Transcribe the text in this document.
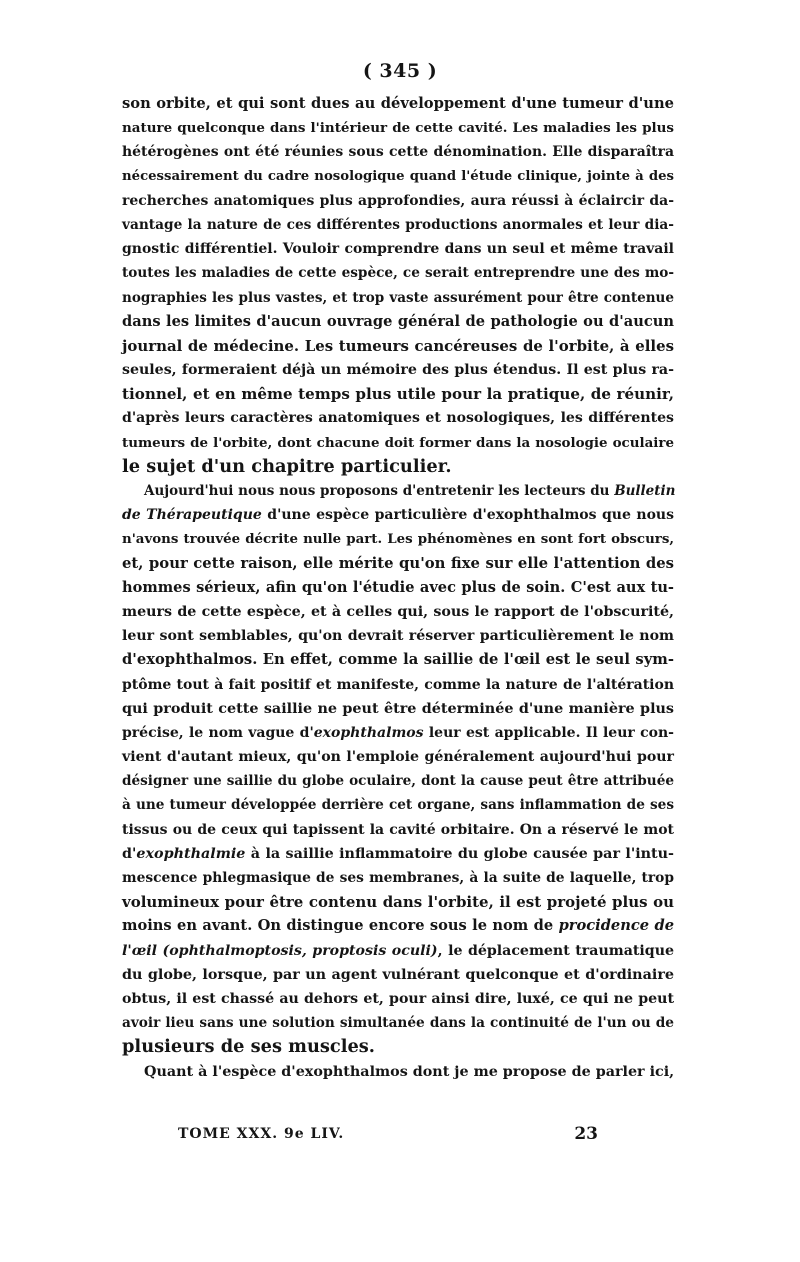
( 345 )
son orbite, et qui sont dues au développement d'une tumeur d'une
nature quelconque dans l'intérieur de cette cavité. Les maladies les plus
hétérogènes ont été réunies sous cette dénomination. Elle disparaîtra
nécessairement du cadre nosologique quand l'étude clinique, jointe à des
recherches anatomiques plus approfondies, aura réussi à éclaircir da-
vantage la nature de ces différentes productions anormales et leur dia-
gnostic différentiel. Vouloir comprendre dans un seul et même travail
toutes les maladies de cette espèce, ce serait entreprendre une des mo-
nographies les plus vastes, et trop vaste assurément pour être contenue
dans les limites d'aucun ouvrage général de pathologie ou d'aucun
journal de médecine. Les tumeurs cancéreuses de l'orbite, à elles
seules, formeraient déjà un mémoire des plus étendus. Il est plus ra-
tionnel, et en même temps plus utile pour la pratique, de réunir,
d'après leurs caractères anatomiques et nosologiques, les différentes
tumeurs de l'orbite, dont chacune doit former dans la nosologie oculaire
le sujet d'un chapitre particulier.
Aujourd'hui nous nous proposons d'entretenir les lecteurs du Bulletin
de Thérapeutique d'une espèce particulière d'exophthalmos que nous
n'avons trouvée décrite nulle part. Les phénomènes en sont fort obscurs,
et, pour cette raison, elle mérite qu'on fixe sur elle l'attention des
hommes sérieux, afin qu'on l'étudie avec plus de soin. C'est aux tu-
meurs de cette espèce, et à celles qui, sous le rapport de l'obscurité,
leur sont semblables, qu'on devrait réserver particulièrement le nom
d'exophthalmos. En effet, comme la saillie de l'œil est le seul sym-
ptôme tout à fait positif et manifeste, comme la nature de l'altération
qui produit cette saillie ne peut être déterminée d'une manière plus
précise, le nom vague d'exophthalmos leur est applicable. Il leur con-
vient d'autant mieux, qu'on l'emploie généralement aujourd'hui pour
désigner une saillie du globe oculaire, dont la cause peut être attribuée
à une tumeur développée derrière cet organe, sans inflammation de ses
tissus ou de ceux qui tapissent la cavité orbitaire. On a réservé le mot
d'exophthalmie à la saillie inflammatoire du globe causée par l'intu-
mescence phlegmasique de ses membranes, à la suite de laquelle, trop
volumineux pour être contenu dans l'orbite, il est projeté plus ou
moins en avant. On distingue encore sous le nom de procidence de
l'œil (ophthalmoptosis, proptosis oculi), le déplacement traumatique
du globe, lorsque, par un agent vulnérant quelconque et d'ordinaire
obtus, il est chassé au dehors et, pour ainsi dire, luxé, ce qui ne peut
avoir lieu sans une solution simultanée dans la continuité de l'un ou de
plusieurs de ses muscles.
Quant à l'espèce d'exophthalmos dont je me propose de parler ici,
TOME XXX. 9e LIV.	23
